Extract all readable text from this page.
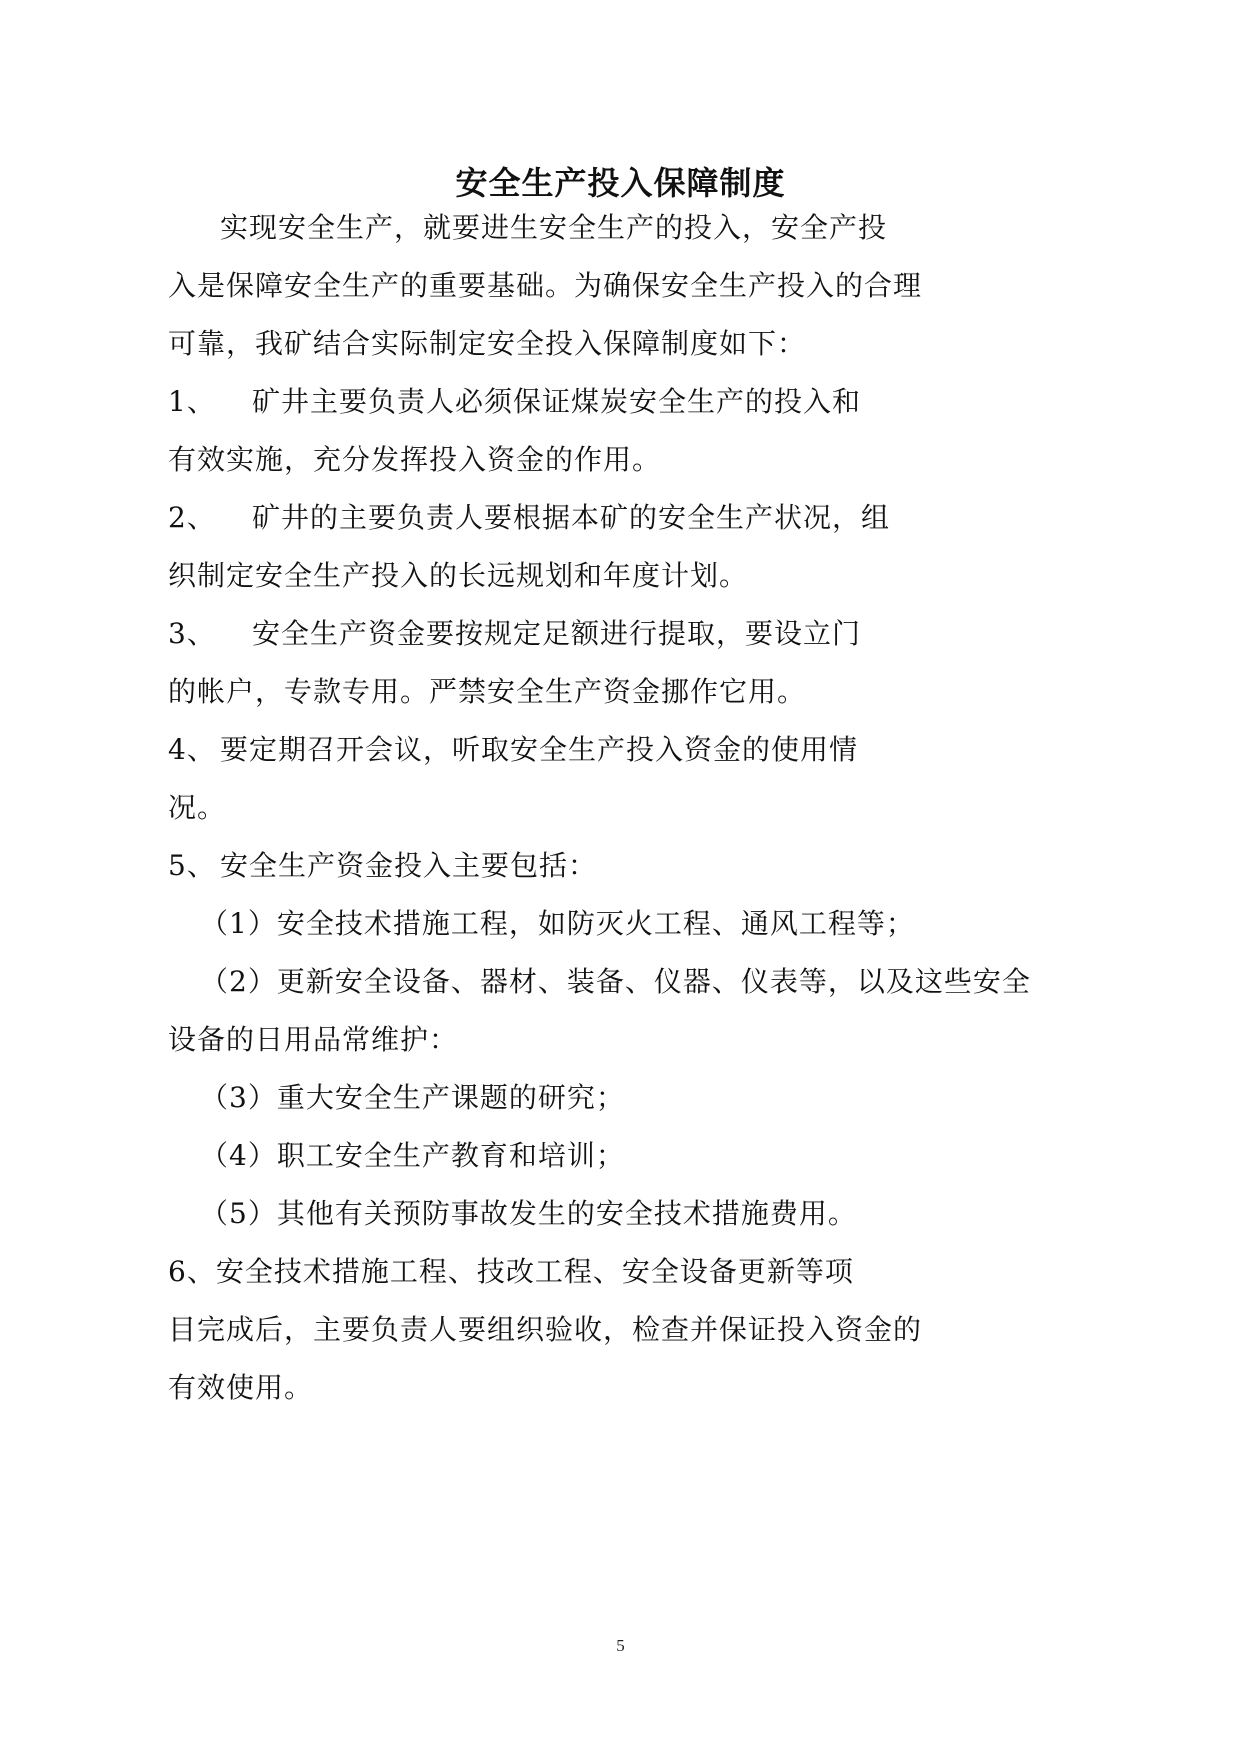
安全生产投入保障制度
实现安全生产，就要进生安全生产的投入，安全产投
入是保障安全生产的重要基础。为确保安全生产投入的合理
可靠，我矿结合实际制定安全投入保障制度如下：
1、 矿井主要负责人必须保证煤炭安全生产的投入和
有效实施，充分发挥投入资金的作用。
2、 矿井的主要负责人要根据本矿的安全生产状况，组
织制定安全生产投入的长远规划和年度计划。
3、 安全生产资金要按规定足额进行提取，要设立门
的帐户，专款专用。严禁安全生产资金挪作它用。
4、 要定期召开会议，听取安全生产投入资金的使用情
况。
5、 安全生产资金投入主要包括：
（1）安全技术措施工程，如防灭火工程、通风工程等；
（2）更新安全设备、器材、装备、仪器、仪表等，以及这些安全
设备的日用品常维护：
（3）重大安全生产课题的研究；
（4）职工安全生产教育和培训；
（5）其他有关预防事故发生的安全技术措施费用。
6、安全技术措施工程、技改工程、安全设备更新等项
目完成后，主要负责人要组织验收，检查并保证投入资金的
有效使用。
5
